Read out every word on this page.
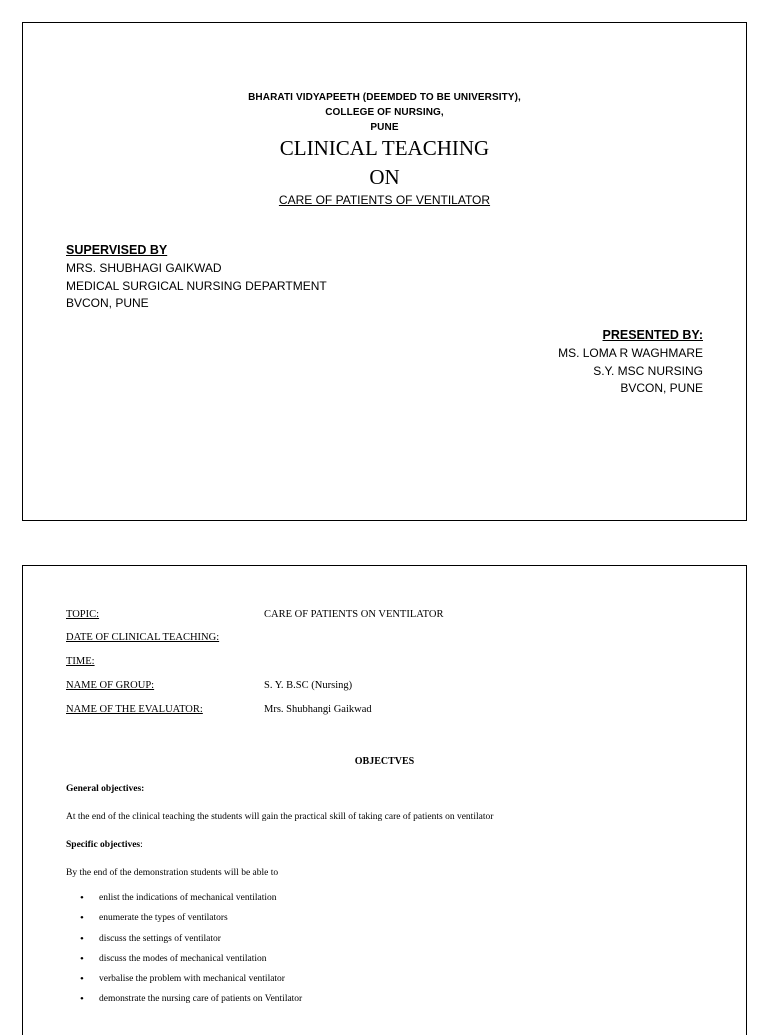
BHARATI VIDYAPEETH (DEEMDED TO BE UNIVERSITY),
COLLEGE OF NURSING,
PUNE
CLINICAL TEACHING
ON
CARE OF PATIENTS OF VENTILATOR
SUPERVISED BY
MRS. SHUBHAGI GAIKWAD
MEDICAL SURGICAL NURSING DEPARTMENT
BVCON, PUNE
PRESENTED BY:
MS. LOMA R WAGHMARE
S.Y. MSC NURSING
BVCON, PUNE
TOPIC:	CARE OF PATIENTS ON VENTILATOR
DATE OF CLINICAL TEACHING:
TIME:
NAME OF GROUP:	S. Y. B.SC (Nursing)
NAME OF THE EVALUATOR:	Mrs. Shubhangi Gaikwad
OBJECTVES
General objectives:
At the end of the clinical teaching the students will gain the practical skill of taking care of patients on ventilator
Specific objectives:
By the end of the demonstration students will be able to
• enlist the indications of mechanical ventilation
• enumerate the types of ventilators
• discuss the settings of ventilator
• discuss the modes of mechanical ventilation
• verbalise the problem with mechanical ventilator
• demonstrate the nursing care of patients on Ventilator
